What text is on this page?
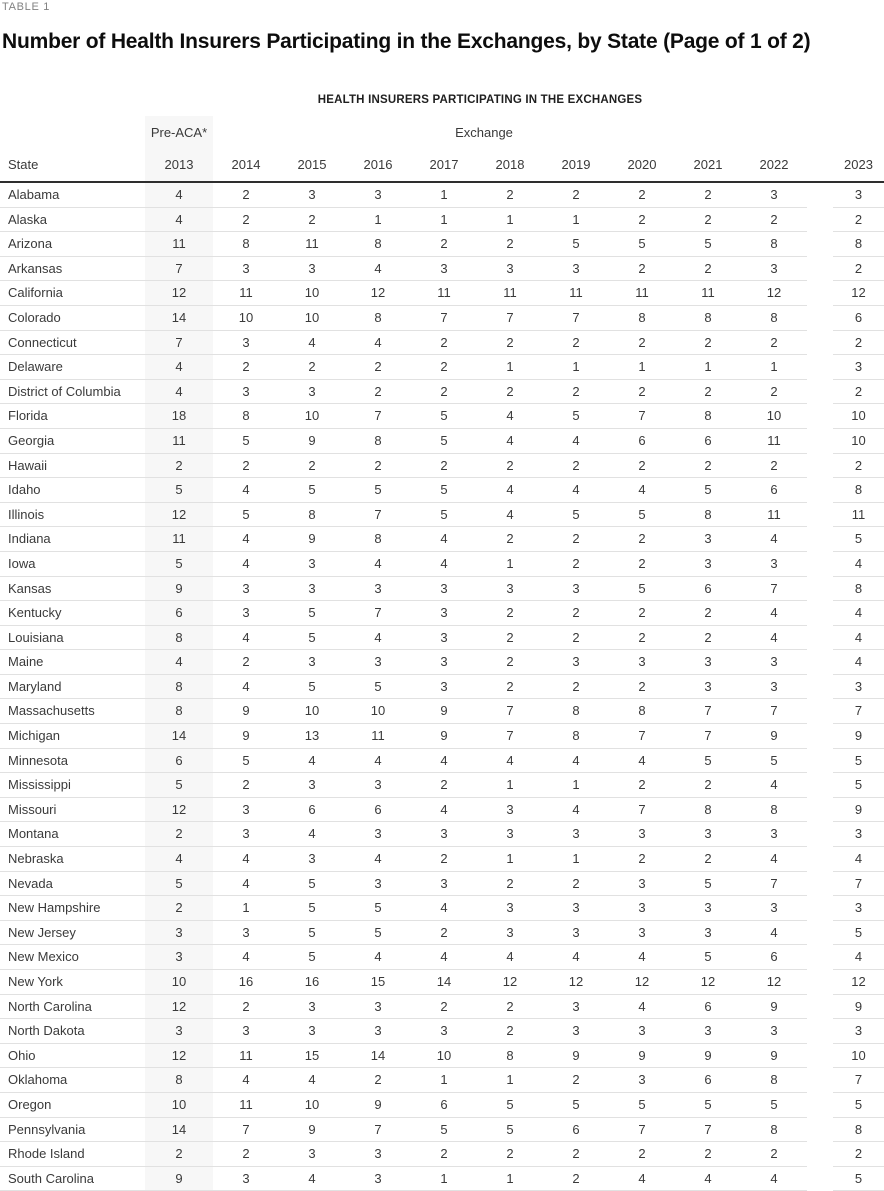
TABLE 1
Number of Health Insurers Participating in the Exchanges, by State (Page of 1 of 2)
HEALTH INSURERS PARTICIPATING IN THE EXCHANGES
	Pre-ACA*	Exchange										
State	2013	2014	2015	2016	2017	2018	2019	2020	2021	2022		2023
Alabama	4	2	3	3	1	2	2	2	2	3		3
Alaska	4	2	2	1	1	1	1	2	2	2		2
Arizona	11	8	11	8	2	2	5	5	5	8		8
Arkansas	7	3	3	4	3	3	3	2	2	3		2
California	12	11	10	12	11	11	11	11	11	12		12
Colorado	14	10	10	8	7	7	7	8	8	8		6
Connecticut	7	3	4	4	2	2	2	2	2	2		2
Delaware	4	2	2	2	2	1	1	1	1	1		3
District of Columbia	4	3	3	2	2	2	2	2	2	2		2
Florida	18	8	10	7	5	4	5	7	8	10		10
Georgia	11	5	9	8	5	4	4	6	6	11		10
Hawaii	2	2	2	2	2	2	2	2	2	2		2
Idaho	5	4	5	5	5	4	4	4	5	6		8
Illinois	12	5	8	7	5	4	5	5	8	11		11
Indiana	11	4	9	8	4	2	2	2	3	4		5
Iowa	5	4	3	4	4	1	2	2	3	3		4
Kansas	9	3	3	3	3	3	3	5	6	7		8
Kentucky	6	3	5	7	3	2	2	2	2	4		4
Louisiana	8	4	5	4	3	2	2	2	2	4		4
Maine	4	2	3	3	3	2	3	3	3	3		4
Maryland	8	4	5	5	3	2	2	2	3	3		3
Massachusetts	8	9	10	10	9	7	8	8	7	7		7
Michigan	14	9	13	11	9	7	8	7	7	9		9
Minnesota	6	5	4	4	4	4	4	4	5	5		5
Mississippi	5	2	3	3	2	1	1	2	2	4		5
Missouri	12	3	6	6	4	3	4	7	8	8		9
Montana	2	3	4	3	3	3	3	3	3	3		3
Nebraska	4	4	3	4	2	1	1	2	2	4		4
Nevada	5	4	5	3	3	2	2	3	5	7		7
New Hampshire	2	1	5	5	4	3	3	3	3	3		3
New Jersey	3	3	5	5	2	3	3	3	3	4		5
New Mexico	3	4	5	4	4	4	4	4	5	6		4
New York	10	16	16	15	14	12	12	12	12	12		12
North Carolina	12	2	3	3	2	2	3	4	6	9		9
North Dakota	3	3	3	3	3	2	3	3	3	3		3
Ohio	12	11	15	14	10	8	9	9	9	9		10
Oklahoma	8	4	4	2	1	1	2	3	6	8		7
Oregon	10	11	10	9	6	5	5	5	5	5		5
Pennsylvania	14	7	9	7	5	5	6	7	7	8		8
Rhode Island	2	2	3	3	2	2	2	2	2	2		2
South Carolina	9	3	4	3	1	1	2	4	4	4		5
